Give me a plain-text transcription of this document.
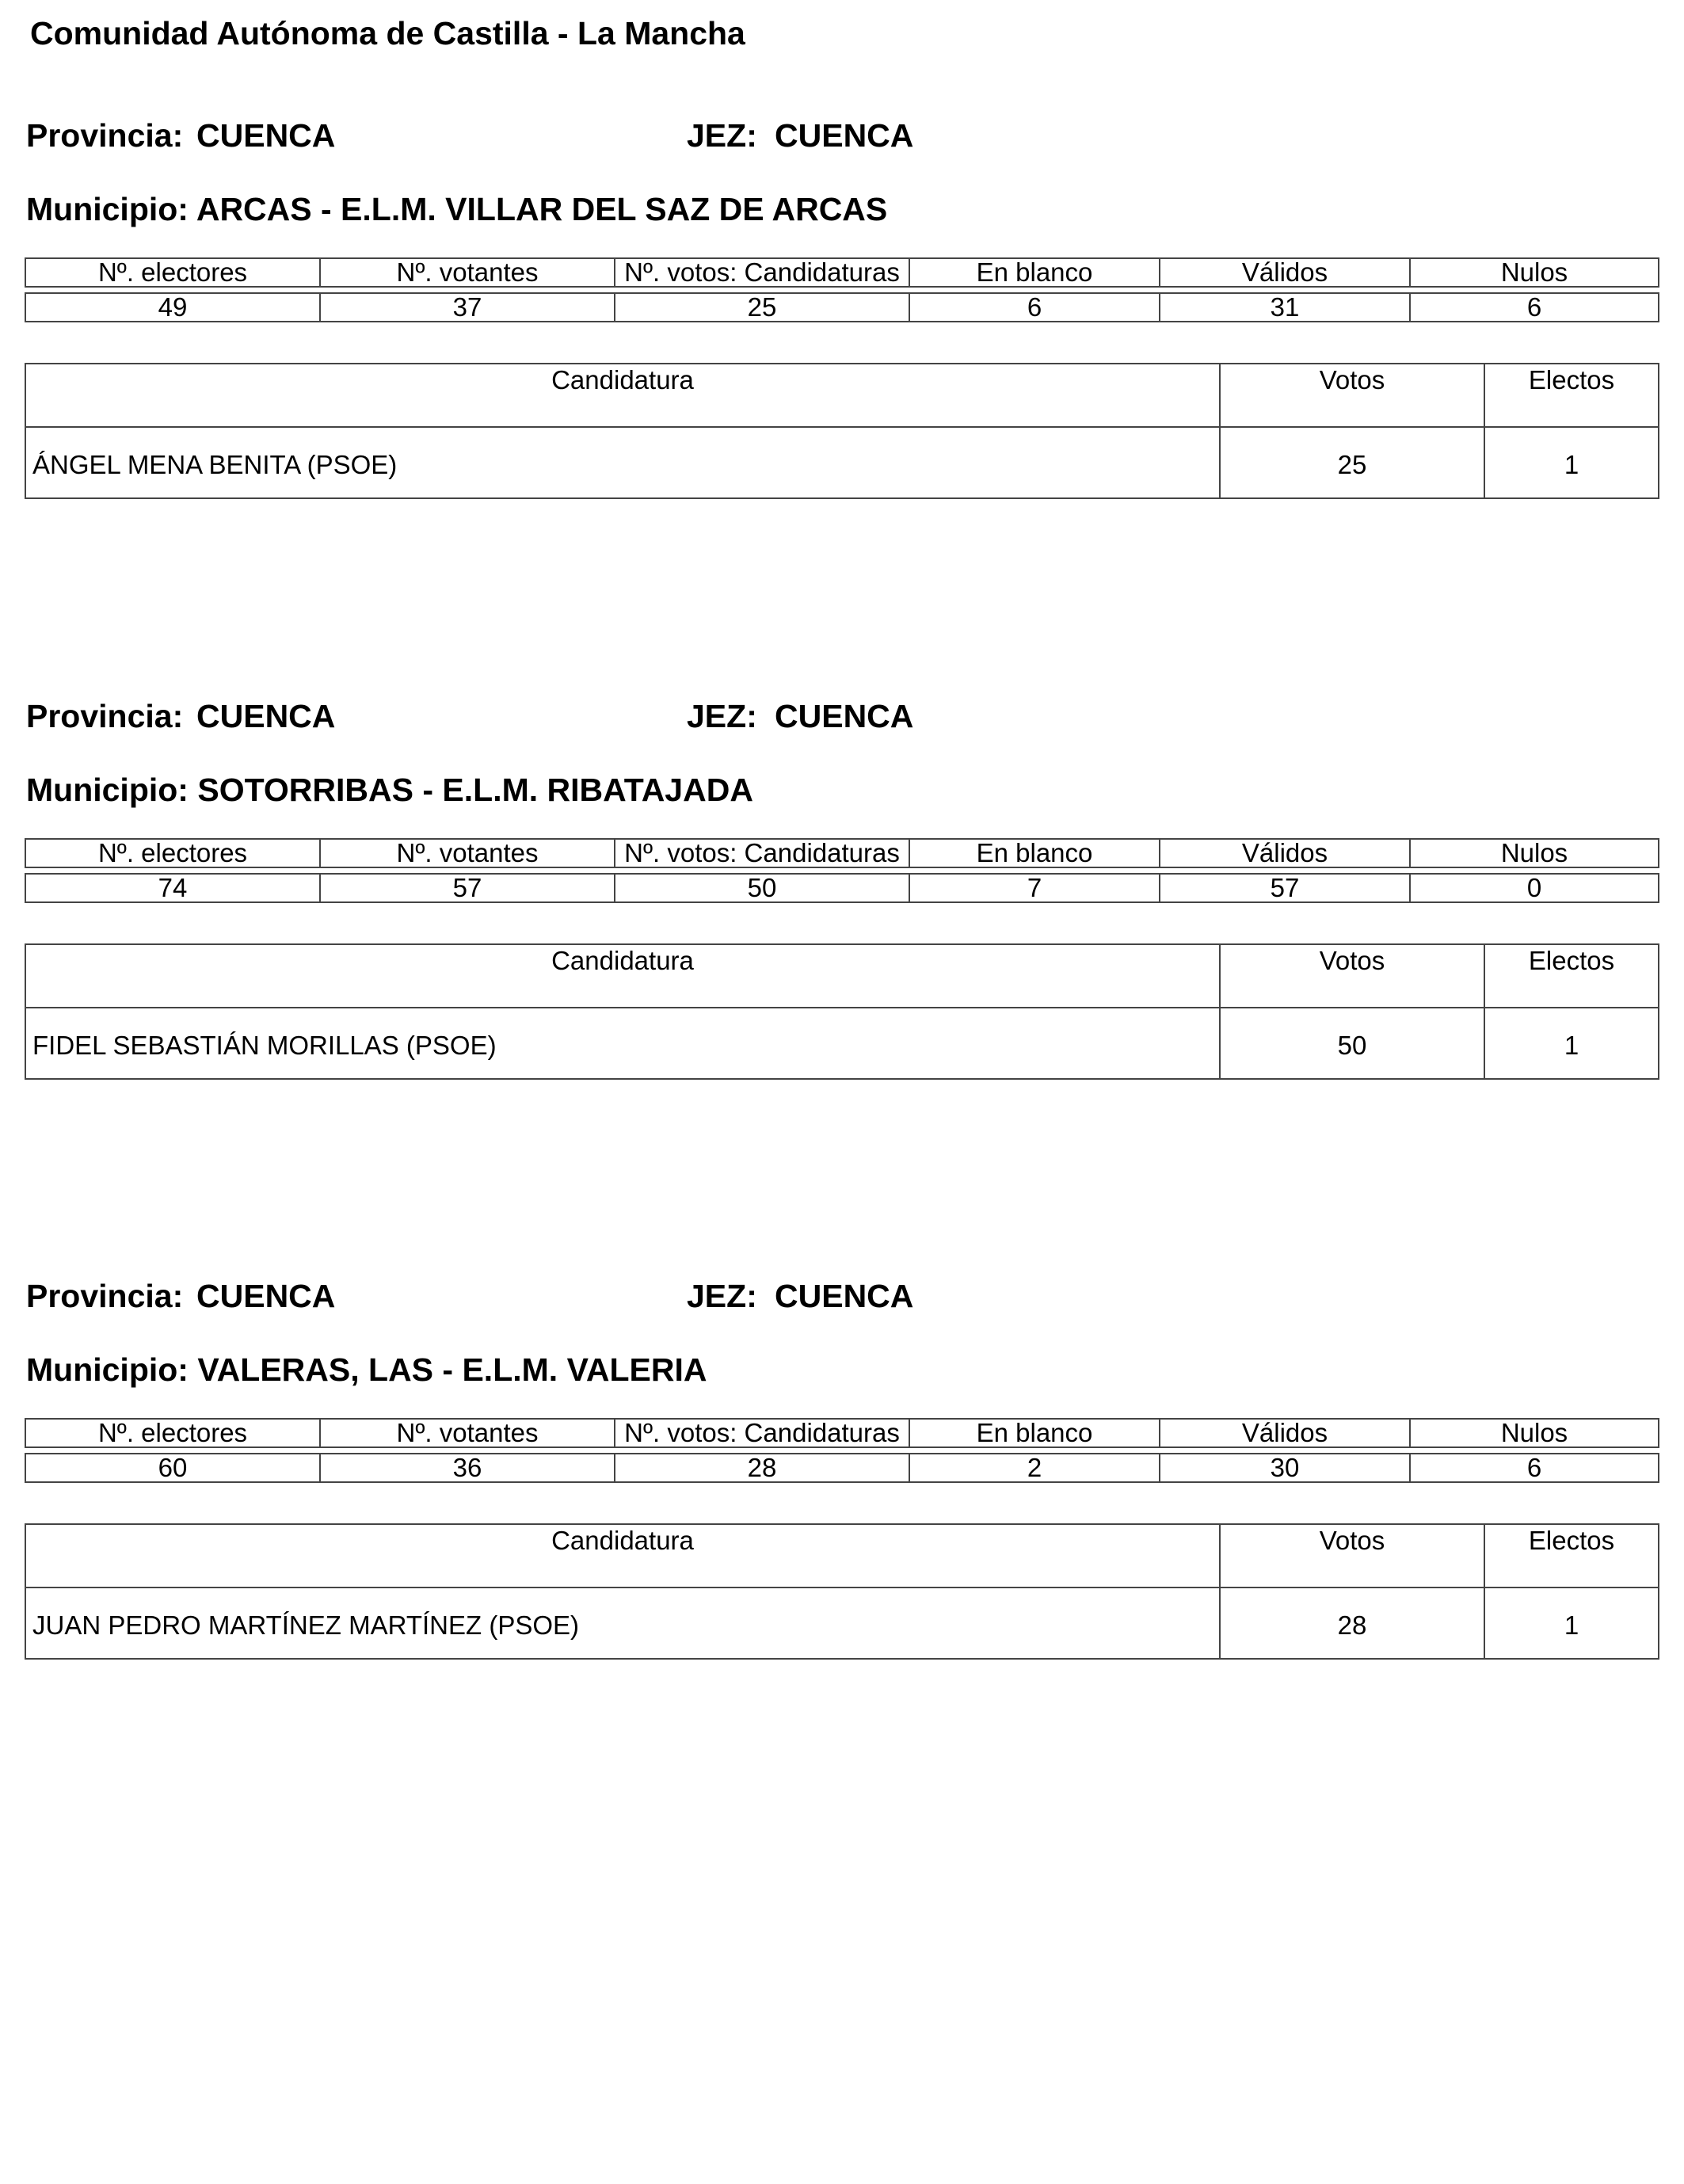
Comunidad Autónoma de Castilla - La Mancha
Provincia: CUENCA	JEZ: CUENCA
Municipio: ARCAS - E.L.M. VILLAR DEL SAZ DE ARCAS
Nº. electores	Nº. votantes	Nº. votos: Candidaturas	En blanco	Válidos	Nulos

49	37	25	6	31	6
Candidatura	Votos	Electos
ÁNGEL MENA BENITA (PSOE)	25	1
Provincia: CUENCA	JEZ: CUENCA
Municipio: SOTORRIBAS - E.L.M. RIBATAJADA
Nº. electores	Nº. votantes	Nº. votos: Candidaturas	En blanco	Válidos	Nulos

74	57	50	7	57	0
Candidatura	Votos	Electos
FIDEL SEBASTIÁN MORILLAS (PSOE)	50	1
Provincia: CUENCA	JEZ: CUENCA
Municipio: VALERAS, LAS - E.L.M. VALERIA
Nº. electores	Nº. votantes	Nº. votos: Candidaturas	En blanco	Válidos	Nulos

60	36	28	2	30	6
Candidatura	Votos	Electos
JUAN PEDRO MARTÍNEZ MARTÍNEZ (PSOE)	28	1
